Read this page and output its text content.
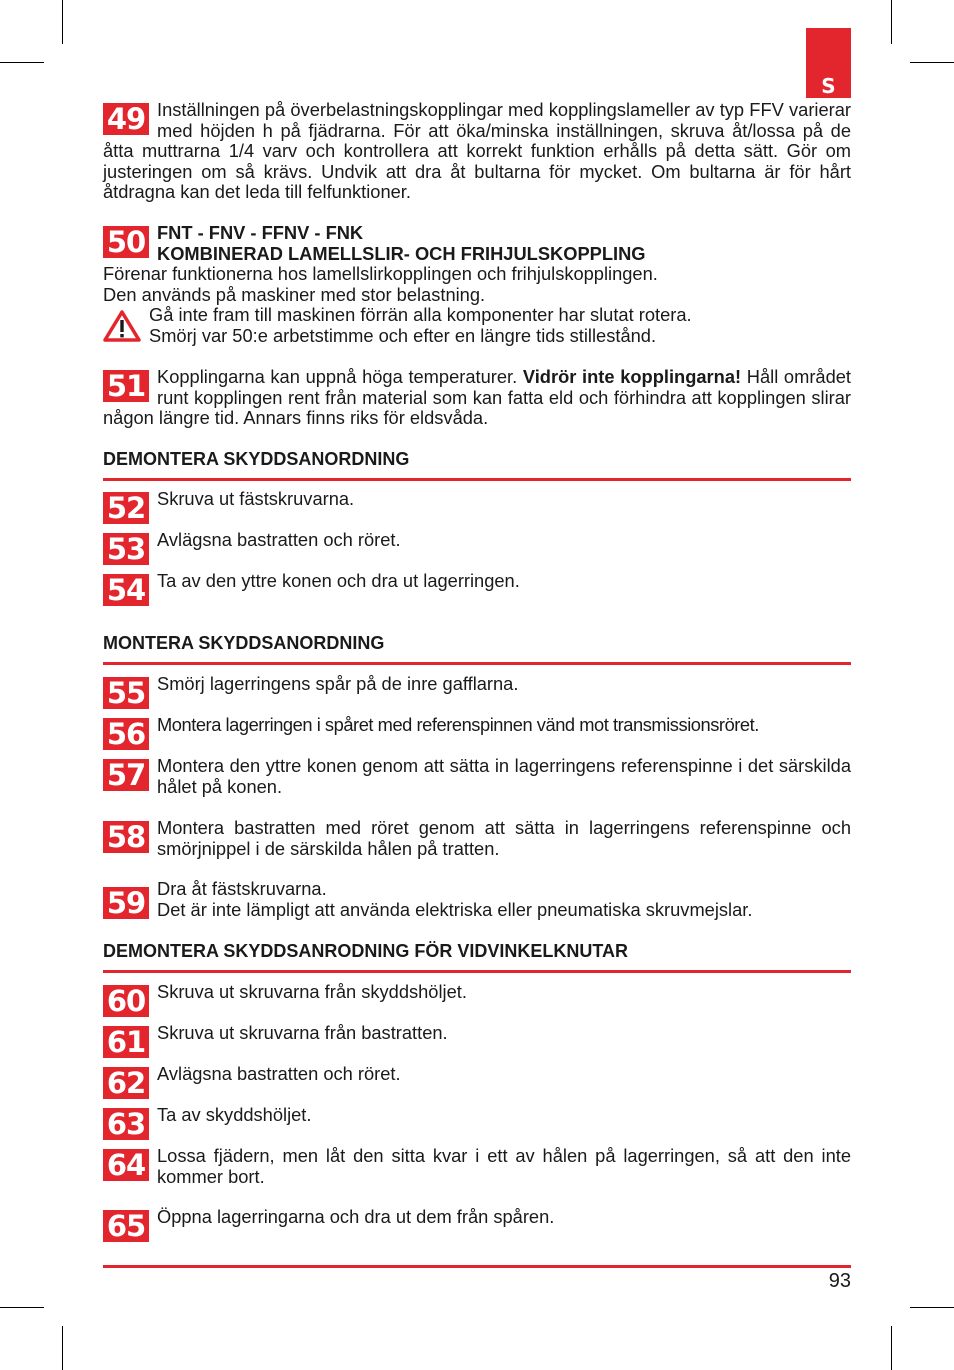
S
49 Inställningen på överbelastningskopplingar med kopplingslameller av typ FFV varierar med höjden h på fjädrarna. För att öka/minska inställningen, skruva åt/lossa på de åtta muttrarna 1/4 varv och kontrollera att korrekt funktion erhålls på detta sätt. Gör om justeringen om så krävs. Undvik att dra åt bultarna för mycket. Om bultarna är för hårt åtdragna kan det leda till felfunktioner.
50 FNT - FNV - FFNV - FNK
KOMBINERAD LAMELLSLIR- OCH FRIHJULSKOPPLING
Förenar funktionerna hos lamellslirkopplingen och frihjulskopplingen.
Den används på maskiner med stor belastning.
Gå inte fram till maskinen förrän alla komponenter har slutat rotera.
Smörj var 50:e arbetstimme och efter en längre tids stillestånd.
51 Kopplingarna kan uppnå höga temperaturer. Vidrör inte kopplingarna! Håll området runt kopplingen rent från material som kan fatta eld och förhindra att kopplingen slirar någon längre tid. Annars finns riks för eldsvåda.
DEMONTERA SKYDDSANORDNING
52 Skruva ut fästskruvarna.
53 Avlägsna bastratten och röret.
54 Ta av den yttre konen och dra ut lagerringen.
MONTERA SKYDDSANORDNING
55 Smörj lagerringens spår på de inre gafflarna.
56 Montera lagerringen i spåret med referenspinnen vänd mot transmissionsröret.
57 Montera den yttre konen genom att sätta in lagerringens referenspinne i det särskilda hålet på konen.
58 Montera bastratten med röret genom att sätta in lagerringens referenspinne och smörjnippel i de särskilda hålen på tratten.
59 Dra åt fästskruvarna.
Det är inte lämpligt att använda elektriska eller pneumatiska skruvmejslar.
DEMONTERA SKYDDSANRODNING FÖR VIDVINKELKNUTAR
60 Skruva ut skruvarna från skyddshöljet.
61 Skruva ut skruvarna från bastratten.
62 Avlägsna bastratten och röret.
63 Ta av skyddshöljet.
64 Lossa fjädern, men låt den sitta kvar i ett av hålen på lagerringen, så att den inte kommer bort.
65 Öppna lagerringarna och dra ut dem från spåren.
93
